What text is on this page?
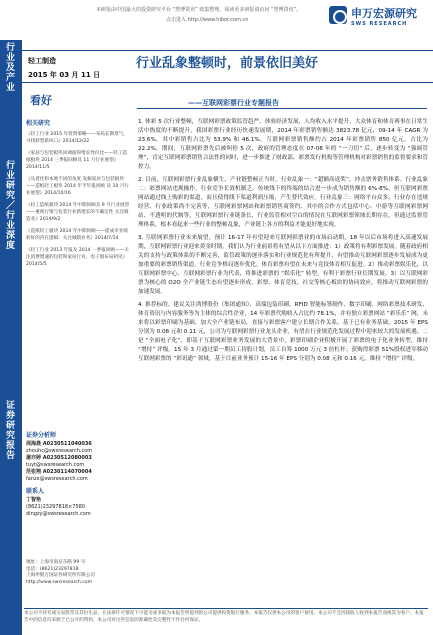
本研报由中国最大的投资研究平台 “慧博资讯” 收集整理，阅读更多研报请访问 “慧博资讯”。
点击进入 http://www.hibor.com.cn	申万宏源研究
SWS RESEARCH
行业及产业
行业研究／行业深度
证券研究报告
轻工制造
2015 年 03 月 11 日
行业乱象整顿时，前景依旧美好
——互联网彩票行业专题报告
看好
相关研究
《轻工行业 2015 年投资策略——布局长期景气，寻找转型新风口》2014/12/22
《家居与包装板块回调值得增长性价比——轻工造纸板块 2014 三季报回顾及 11 月行业展望》2014/11/5
《从着化和本地不同的角度 发掘家居与包装板块——造纸轻工板块 2014 年半年报回顾 及 10 月行业展望》2014/10/16
《轻工造纸板块 2014 年中期回顾及 9 月行业展望——重视行情与包装行业新增长的不确定性 关注制造业》2014/9/2
《造纸轻工板块 2014 年中期回顾——提成市业绩转好的内在逻辑：关注城镇业务》2014/7/14
《轻工行业 2013 年报及 2014 一季报回顾——关注消费增速的包装和家居行业，电子烟布局初见》2014/5/5
证券分析师
周海晨 A0230511040036
zhouhc@swsresearch.com
屠亦婷 A0230512080003
tuyt@swsresearch.com
范张翔 A0230114070004
fanzx@swsresearch.com
联系人
丁智艳
(8621)23297818×7580
dingzy@swsresearch.com
地址：上海市南京东路 99 号
电话：(8621)23297818
上海申银万国证券研究所有限公司
http://www.swsresearch.com

1. 体彩 5 次行业整顿，互联网彩票政策监管趋严。体验经济发展，人均收入水平提升，大众体育和体育赛事在日常生活中热度的不断提升，我国彩票行业经历快速发展期，2014 年彩票销售额达 3823.78 亿元，09-14 年 CAGR 为 23.6%。其中彩销售占比为 53.9% 和 46.1%。互联网彩票销售额约占 2014 年彩票销售 850 亿元，占比为 22.2%。期间，互联网彩票先后被叫停 5 次，政府的管理态度在 07-08 年的 “一刀切” 后，逐步转变为 “强调管理”，肯定互联网彩票销售合法性的同时，进一步推进了财政部、彩票发行机构等管理机构对彩票销售的监督要求和管控力。

2. 目前，互联网彩票行业乱象横生，产业链整顿正当时。行业乱象一：“超额高返奖”，冲击票务销售体系。行业乱象二：彩票网站违规操作，行业竞争长效机制乏。传统线下的终端的结合进一步成为销售额的 6%-8%，但互联网彩票网站通过线上购彩的渠道，而且使得线下渠道利润压缩、产生替代效应。行业乱象三：网络平台众多、行业存在违规经营、行业政策尚不完善等，互联网彩票网站和彩票销售商签约、其中的合作方式包括中心、中游等互联网彩票网站、不透明的代购等，互联网彩票行业链条长，行业监管相对空白的情况在互联网彩票领域长期存在，但通过监督管理体系，根本看起来一些行业的整顿乱象，产业链上各方的利益才能更好地实现。

3. 互联网彩票行业未来展望。预计 16-17 年有望迎来互联网彩票业的市场启动期，18 年以后市场将进入高速发展期，互联网彩票行业迎来黄金时期。我们认为行业前景将有望从以下方面推进：1）政策将有利彩票发展。随着政府相关的支持与政策体系的不断完善，监管政策的逐步落实和行业规范化有所提升，有望推动互联网彩票逐步发展成为更加重要的彩票销售渠道，行业竞争格局逐步优化，体育彩票有望在未来与竞技体育相互促进。2）推动彩票娱乐化，以互联网彩票中心、互联网彩票行业为代表，将推进彩票的 “娱乐化” 转型，有利于彩票行业长期发展。3）以互联网彩票为核心的 O2O 全产业链生态有望逐步形成，彩票、体育竞技、社交等核心板块的协同效应，将推动互联网彩票的加速发展。

4. 推荐标的。建议关注鸿博股份（集团通知）、高端包装印刷、RFID 智能标签制作、数字印刷、网络彩票技术研发、体育资讯与内容服务等为主体的综合性企业，14 年彩票代购收入占比约 78.1%，并有独立彩票网站 “彩乐乐” 网，未来将以彩票印刷为基础，加大全产业链布局，直接与彩票客户建立长期合作关系，基于已有业务基础，2015 年 EPS 分别为 0.08 元和 0.11 元，公司为互联网彩票行业龙头企业，有望在行业规范化发展过程中迎来较大的发展机遇。二是 “全面电子化”，即基于互联网彩票业务发展的大背景中，彩票印刷企业积极开展了彩票的电子化业务转型，维持 “增持” 评级。15 年 3 月通过第一期员工持股计划，员工自筹 1000 万元 3 倍杠杆；获购得彩票 51%股权进军移动互联网彩票的 “彩讯通” 领域，基于目前业务预计 15-16 年 EPS 分别为 0.08 元和 0.16 元，维持 “增持” 评级。

本公司不持有或交易股票及其衍生品，在法律许可情况下可能为或争取为本报告所提到的公司提供投资银行服务。本报告仅供本公司的客户使用。本公司不会因接收人收到本报告而视其为客户。本报告中的信息均来源于已公开的资料，本公司对这些信息的准确性及完整性不作任何保证。
